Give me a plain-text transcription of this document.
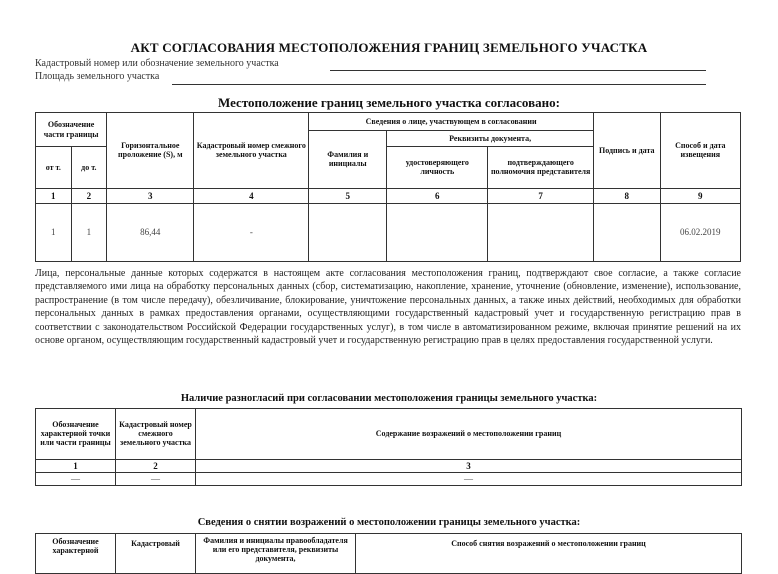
АКТ СОГЛАСОВАНИЯ МЕСТОПОЛОЖЕНИЯ ГРАНИЦ ЗЕМЕЛЬНОГО УЧАСТКА
Кадастровый номер или обозначение земельного участка
Площадь земельного участка
Местоположение границ земельного участка согласовано:
Обозначение части границы		Горизонтальное проложение (S), м	Кадастровый номер смежного земельного участка	Сведения о лице, участвующем в согласовании			Подпись и дата	Способ и дата извещения
				Фамилия и инициалы	Реквизиты документа,			
от т.	до т.				удостоверяющего личность	подтверждающего полномочия представителя		
1	2	3	4	5	6	7	8	9
1	1	86,44	-					06.02.2019
Лица, персональные данные которых содержатся в настоящем акте согласования местоположения границ, подтверждают свое согласие, а также согласие представляемого ими лица на обработку персональных данных (сбор, систематизацию, накопление, хранение, уточнение (обновление, изменение), использование, распространение (в том числе передачу), обезличивание, блокирование, уничтожение персональных данных, а также иных действий, необходимых для обработки персональных данных в рамках предоставления органами, осуществляющими государственный кадастровый учет и государственную регистрацию прав в соответствии с законодательством Российской Федерации государственных услуг), в том числе в автоматизированном режиме, включая принятие решений на их основе органом, осуществляющим государственный кадастровый учет и государственную регистрацию прав в целях предоставления государственной услуги.
Наличие разногласий при согласовании местоположения границы земельного участка:
Обозначение характерной точки или части границы	Кадастровый номер смежного земельного участка	Содержание возражений о местоположении границ
1	2	3
—	—	—
Сведения о снятии возражений о местоположении границы земельного участка:
Обозначение характерной	Кадастровый	Фамилия и инициалы правообладателя или его представителя, реквизиты документа,	Способ снятия возражений о местоположении границ
